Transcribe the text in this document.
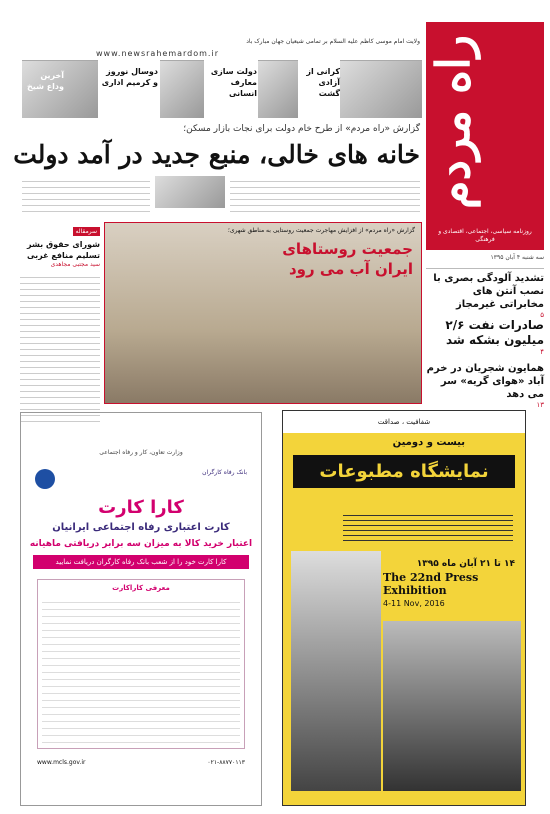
راه مردم
روزنامه سیاسی، اجتماعی، اقتصادی و فرهنگی
سه شنبه ۴ آبان ۱۳۹۵
ولایت امام موسی کاظم علیه السلام بر تمامی شیعیان جهان مبارک باد
www.newsrahemardom.ir
کرانی از آزادی گشت
دولت سازی معارف انسانی
دوسال نوروز و کرمیم اداری
آخرین وداع شیخ
گزارش «راه مردم» از طرح خام دولت برای نجات بازار مسکن؛
خانه های خالی، منبع جدید در آمد دولت
تشدید آلودگی بصری با نصب آنتن های مخابراتی غیرمجاز
۵
صادرات نفت ۲/۶ میلیون بشکه شد
۴
همایون شجریان در خرم آباد «هوای گریه» سر می دهد
۱۳
سرمقاله
شورای حقوق بشر تسلیم منافع غربی
سید مجتبی مجاهدی
گزارش «راه مردم» از افزایش مهاجرت جمعیت روستایی به مناطق شهری؛
جمعیت روستاهای ایران آب می رود
وزارت تعاون، کار و رفاه اجتماعی
بانک رفاه کارگران
کارا کارت
کارت اعتباری رفاه اجتماعی ایرانیان
اعتبار خرید کالا به میزان سه برابر دریافتی ماهیانه
کارا کارت خود را از شعب بانک رفاه کارگران دریافت نمایید
معرفی کاراکارت
www.mcls.gov.ir	۰۲۱-۸۸۷۷۰۱۱۳
شفافیت ، صداقت
بیست و دومین
نمایشگاه مطبوعات
۱۴ تا ۲۱ آبان ماه ۱۳۹۵
The 22nd Press Exhibition
4-11 Nov, 2016
